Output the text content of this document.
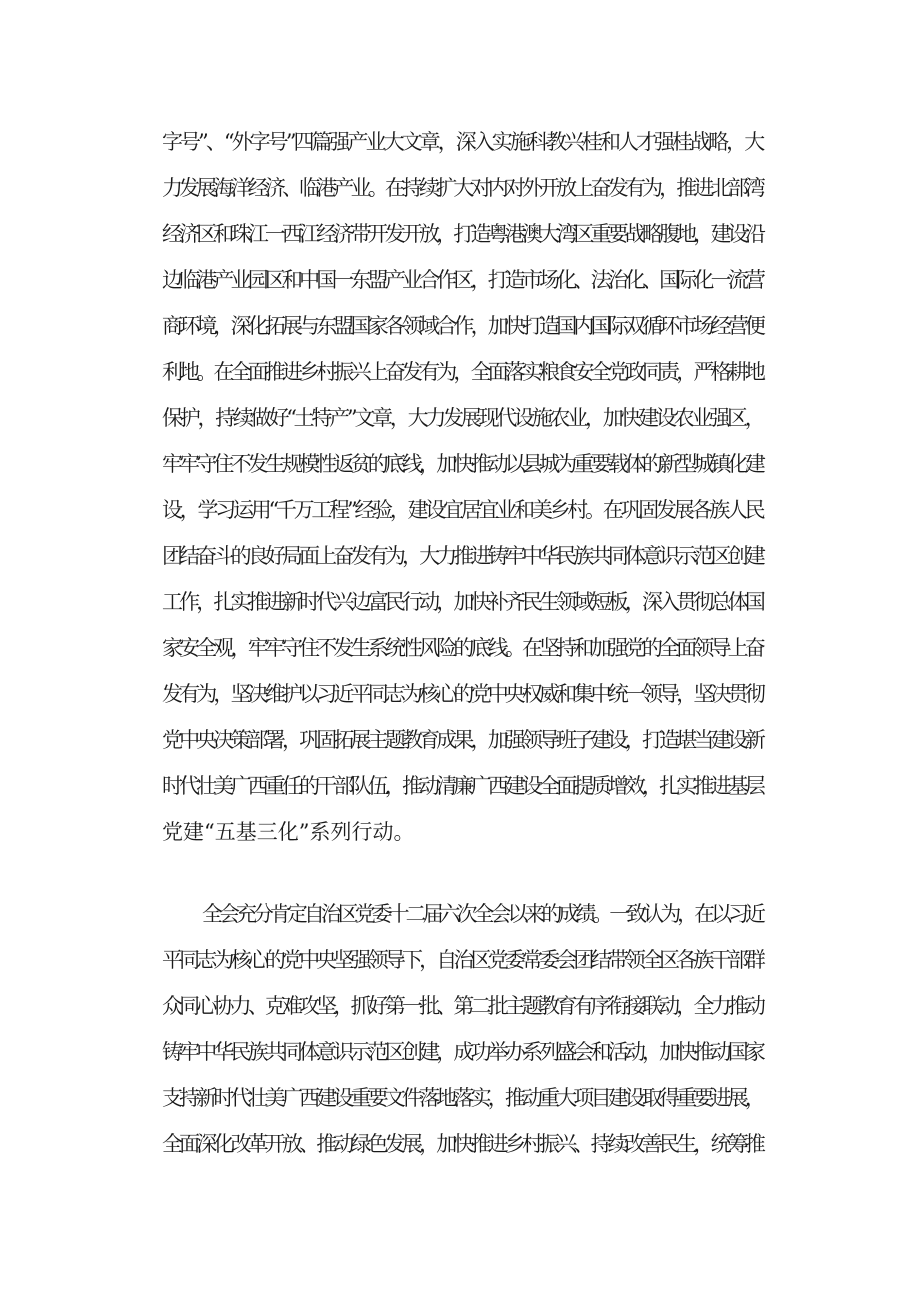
字号”、“外字号”四篇强产业大文章，深入实施科教兴桂和人才强桂战略，大
力发展海洋经济、临港产业。在持续扩大对内对外开放上奋发有为，推进北部湾
经济区和珠江一西江经济带开发开放，打造粤港澳大湾区重要战略腹地，建设沿
边临港产业园区和中国一东盟产业合作区，打造市场化、法治化、国际化一流营
商环境，深化拓展与东盟国家各领域合作，加快打造国内国际双循环市场经营便
利地。在全面推进乡村振兴上奋发有为，全面落实粮食安全党政同责，严格耕地
保护，持续做好“土特产”文章，大力发展现代设施农业，加快建设农业强区，
牢牢守住不发生规模性返贫的底线，加快推动以县城为重要载体的新型城镇化建
设，学习运用“千万工程”经验，建设宜居宜业和美乡村。在巩固发展各族人民
团结奋斗的良好局面上奋发有为，大力推进铸牢中华民族共同体意识示范区创建
工作，扎实推进新时代兴边富民行动，加快补齐民生领域短板，深入贯彻总体国
家安全观，牢牢守住不发生系统性风险的底线。在坚持和加强党的全面领导上奋
发有为，坚决维护以习近平同志为核心的党中央权威和集中统一领导，坚决贯彻
党中央决策部署，巩固拓展主题教育成果，加强领导班子建设，打造堪当建设新
时代壮美广西重任的干部队伍，推动清廉广西建设全面提质增效，扎实推进基层
党建“五基三化”系列行动。
全会充分肯定自治区党委十二届六次全会以来的成绩。一致认为，在以习近
平同志为核心的党中央坚强领导下，自治区党委常委会团结带领全区各族干部群
众同心协力、克难攻坚，抓好第一批、第二批主题教育有序衔接联动，全力推动
铸牢中华民族共同体意识示范区创建，成功举办系列盛会和活动，加快推动国家
支持新时代壮美广西建设重要文件落地落实，推动重大项目建设取得重要进展，
全面深化改革开放、推动绿色发展，加快推进乡村振兴、持续改善民生，统筹推
